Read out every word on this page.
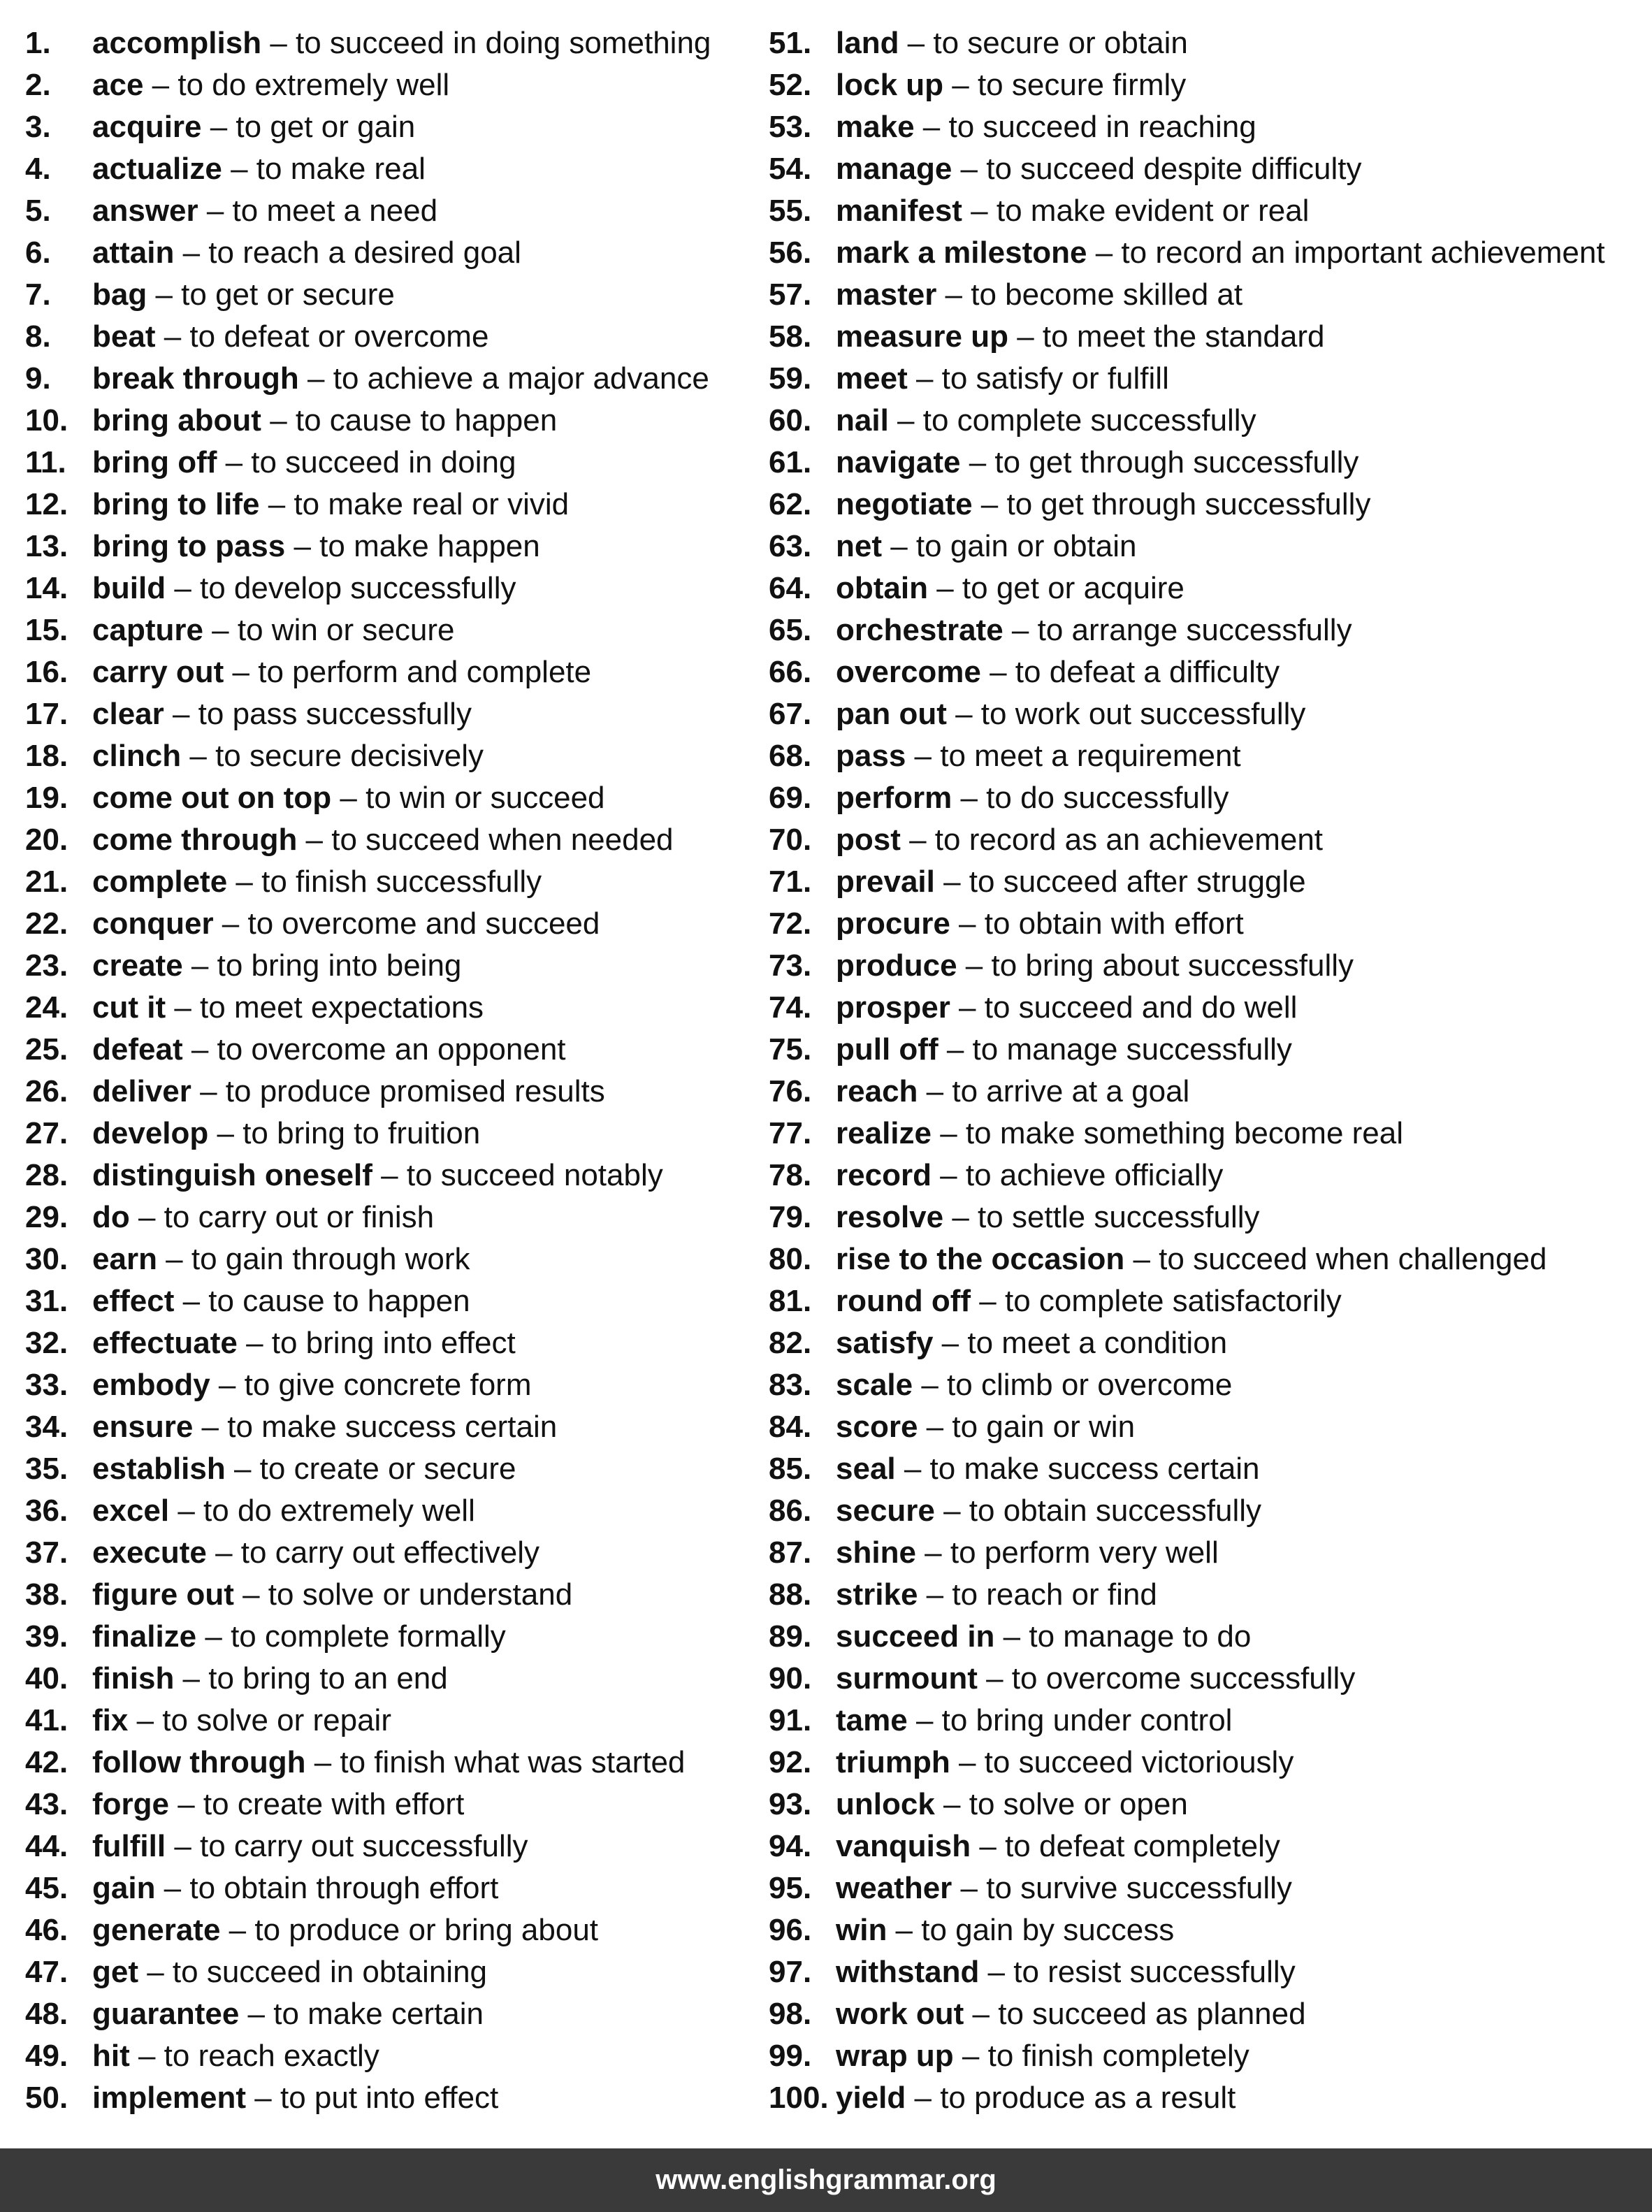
1. accomplish – to succeed in doing something
2. ace – to do extremely well
3. acquire – to get or gain
4. actualize – to make real
5. answer – to meet a need
6. attain – to reach a desired goal
7. bag – to get or secure
8. beat – to defeat or overcome
9. break through – to achieve a major advance
10. bring about – to cause to happen
11. bring off – to succeed in doing
12. bring to life – to make real or vivid
13. bring to pass – to make happen
14. build – to develop successfully
15. capture – to win or secure
16. carry out – to perform and complete
17. clear – to pass successfully
18. clinch – to secure decisively
19. come out on top – to win or succeed
20. come through – to succeed when needed
21. complete – to finish successfully
22. conquer – to overcome and succeed
23. create – to bring into being
24. cut it – to meet expectations
25. defeat – to overcome an opponent
26. deliver – to produce promised results
27. develop – to bring to fruition
28. distinguish oneself – to succeed notably
29. do – to carry out or finish
30. earn – to gain through work
31. effect – to cause to happen
32. effectuate – to bring into effect
33. embody – to give concrete form
34. ensure – to make success certain
35. establish – to create or secure
36. excel – to do extremely well
37. execute – to carry out effectively
38. figure out – to solve or understand
39. finalize – to complete formally
40. finish – to bring to an end
41. fix – to solve or repair
42. follow through – to finish what was started
43. forge – to create with effort
44. fulfill – to carry out successfully
45. gain – to obtain through effort
46. generate – to produce or bring about
47. get – to succeed in obtaining
48. guarantee – to make certain
49. hit – to reach exactly
50. implement – to put into effect
51. land – to secure or obtain
52. lock up – to secure firmly
53. make – to succeed in reaching
54. manage – to succeed despite difficulty
55. manifest – to make evident or real
56. mark a milestone – to record an important achievement
57. master – to become skilled at
58. measure up – to meet the standard
59. meet – to satisfy or fulfill
60. nail – to complete successfully
61. navigate – to get through successfully
62. negotiate – to get through successfully
63. net – to gain or obtain
64. obtain – to get or acquire
65. orchestrate – to arrange successfully
66. overcome – to defeat a difficulty
67. pan out – to work out successfully
68. pass – to meet a requirement
69. perform – to do successfully
70. post – to record as an achievement
71. prevail – to succeed after struggle
72. procure – to obtain with effort
73. produce – to bring about successfully
74. prosper – to succeed and do well
75. pull off – to manage successfully
76. reach – to arrive at a goal
77. realize – to make something become real
78. record – to achieve officially
79. resolve – to settle successfully
80. rise to the occasion – to succeed when challenged
81. round off – to complete satisfactorily
82. satisfy – to meet a condition
83. scale – to climb or overcome
84. score – to gain or win
85. seal – to make success certain
86. secure – to obtain successfully
87. shine – to perform very well
88. strike – to reach or find
89. succeed in – to manage to do
90. surmount – to overcome successfully
91. tame – to bring under control
92. triumph – to succeed victoriously
93. unlock – to solve or open
94. vanquish – to defeat completely
95. weather – to survive successfully
96. win – to gain by success
97. withstand – to resist successfully
98. work out – to succeed as planned
99. wrap up – to finish completely
100. yield – to produce as a result
www.englishgrammar.org
